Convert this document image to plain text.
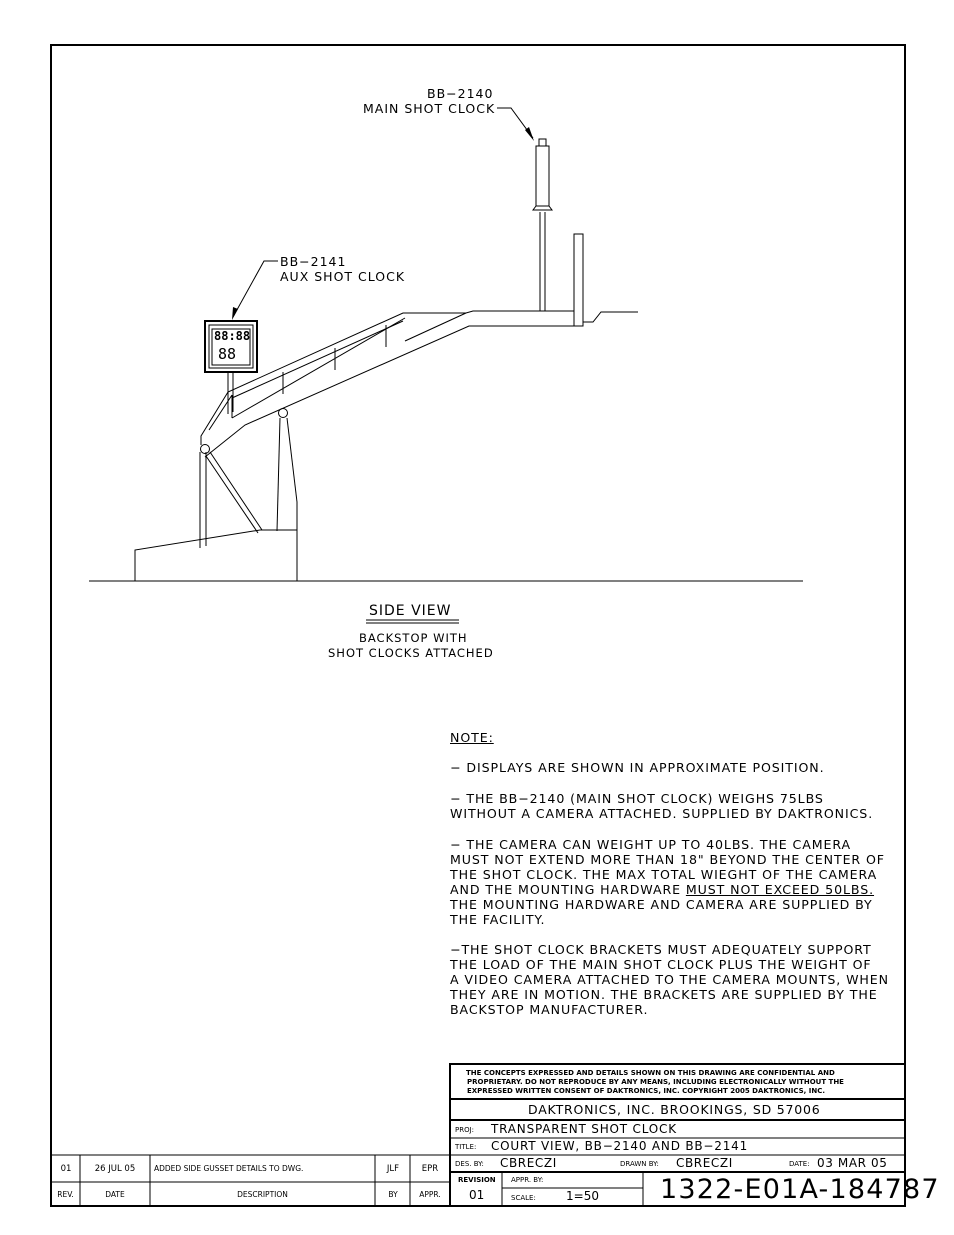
BB−2140
MAIN SHOT CLOCK
BB−2141
AUX SHOT CLOCK
88:88
88
SIDE VIEW
BACKSTOP WITH
SHOT CLOCKS ATTACHED
NOTE:
− DISPLAYS ARE SHOWN IN APPROXIMATE POSITION.
− THE BB−2140 (MAIN SHOT CLOCK) WEIGHS 75LBS
WITHOUT A CAMERA ATTACHED. SUPPLIED BY DAKTRONICS.
− THE CAMERA CAN WEIGHT UP TO 40LBS. THE CAMERA
MUST NOT EXTEND MORE THAN 18" BEYOND THE CENTER OF
THE SHOT CLOCK. THE MAX TOTAL WIEGHT OF THE CAMERA
AND THE MOUNTING HARDWARE MUST NOT EXCEED 50LBS.
THE MOUNTING HARDWARE AND CAMERA ARE SUPPLIED BY
THE FACILITY.
−THE SHOT CLOCK BRACKETS MUST ADEQUATELY SUPPORT
THE LOAD OF THE MAIN SHOT CLOCK PLUS THE WEIGHT OF
A VIDEO CAMERA ATTACHED TO THE CAMERA MOUNTS, WHEN
THEY ARE IN MOTION. THE BRACKETS ARE SUPPLIED BY THE
BACKSTOP MANUFACTURER.
THE CONCEPTS EXPRESSED AND DETAILS SHOWN ON THIS DRAWING ARE CONFIDENTIAL AND
PROPRIETARY. DO NOT REPRODUCE BY ANY MEANS, INCLUDING ELECTRONICALLY WITHOUT THE
EXPRESSED WRITTEN CONSENT OF DAKTRONICS, INC. COPYRIGHT 2005 DAKTRONICS, INC.
DAKTRONICS, INC. BROOKINGS, SD 57006
PROJ: TRANSPARENT SHOT CLOCK
TITLE: COURT VIEW, BB−2140 AND BB−2141
DES. BY: CBRECZI	DRAWN BY: CBRECZI	DATE: 03 MAR 05
REVISION
01
APPR. BY:
SCALE:	1=50 1322-E01A-184787
01	26 JUL 05	ADDED SIDE GUSSET DETAILS TO DWG.	JLF	EPR
REV.	DATE	DESCRIPTION	BY	APPR.
